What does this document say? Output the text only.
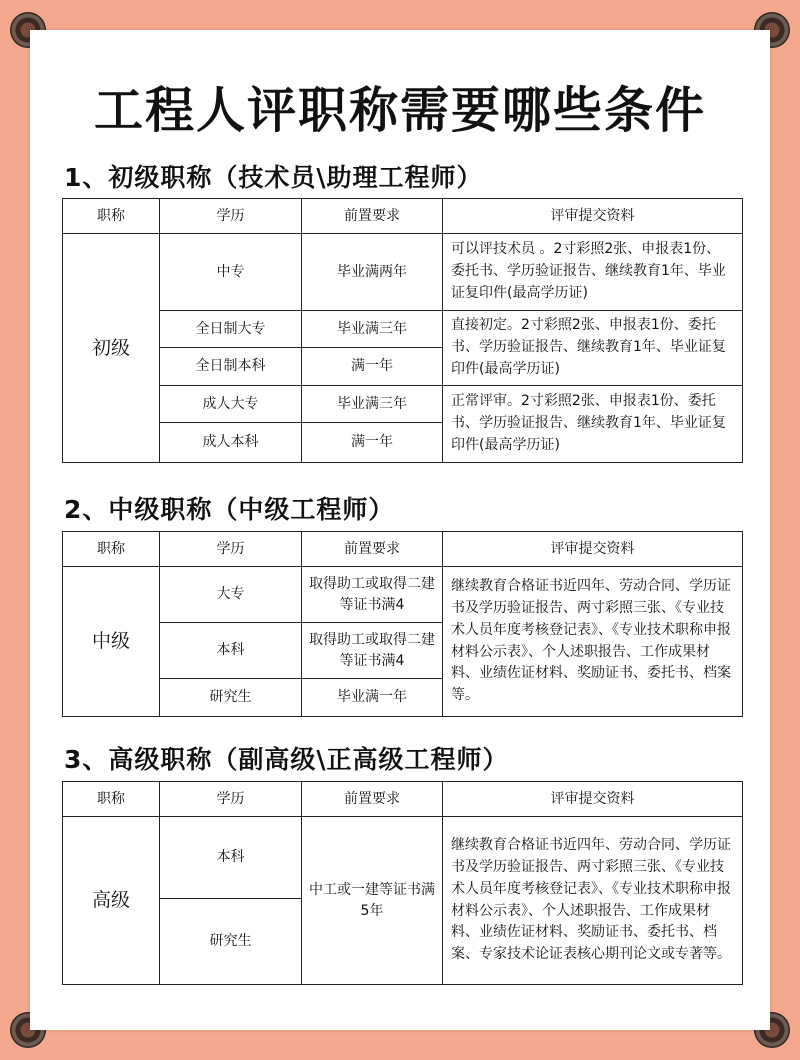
工程人评职称需要哪些条件
1、初级职称（技术员\助理工程师）
职称	学历	前置要求	评审提交资料
初级	中专	毕业满两年	可以评技术员 。2寸彩照2张、申报表1份、委托书、学历验证报告、继续教育1年、毕业证复印件(最高学历证)
	全日制大专	毕业满三年	直接初定。2寸彩照2张、申报表1份、委托书、学历验证报告、继续教育1年、毕业证复印件(最高学历证)
	全日制本科	满一年	
	成人大专	毕业满三年	正常评审。2寸彩照2张、申报表1份、委托书、学历验证报告、继续教育1年、毕业证复印件(最高学历证)
	成人本科	满一年	
2、中级职称（中级工程师）
职称	学历	前置要求	评审提交资料
中级	大专	取得助工或取得二建等证书满4	继续教育合格证书近四年、劳动合同、学历证书及学历验证报告、两寸彩照三张、《专业技术人员年度考核登记表》、《专业技术职称申报材料公示表》、个人述职报告、工作成果材料、业绩佐证材料、奖励证书、委托书、档案等。
	本科	取得助工或取得二建等证书满4	
	研究生	毕业满一年	
3、高级职称（副高级\正高级工程师）
职称	学历	前置要求	评审提交资料
高级	本科	中工或一建等证书满5年	继续教育合格证书近四年、劳动合同、学历证书及学历验证报告、两寸彩照三张、《专业技术人员年度考核登记表》、《专业技术职称申报材料公示表》、个人述职报告、工作成果材料、业绩佐证材料、奖励证书、委托书、档案、专家技术论证表核心期刊论文或专著等。
	研究生		
